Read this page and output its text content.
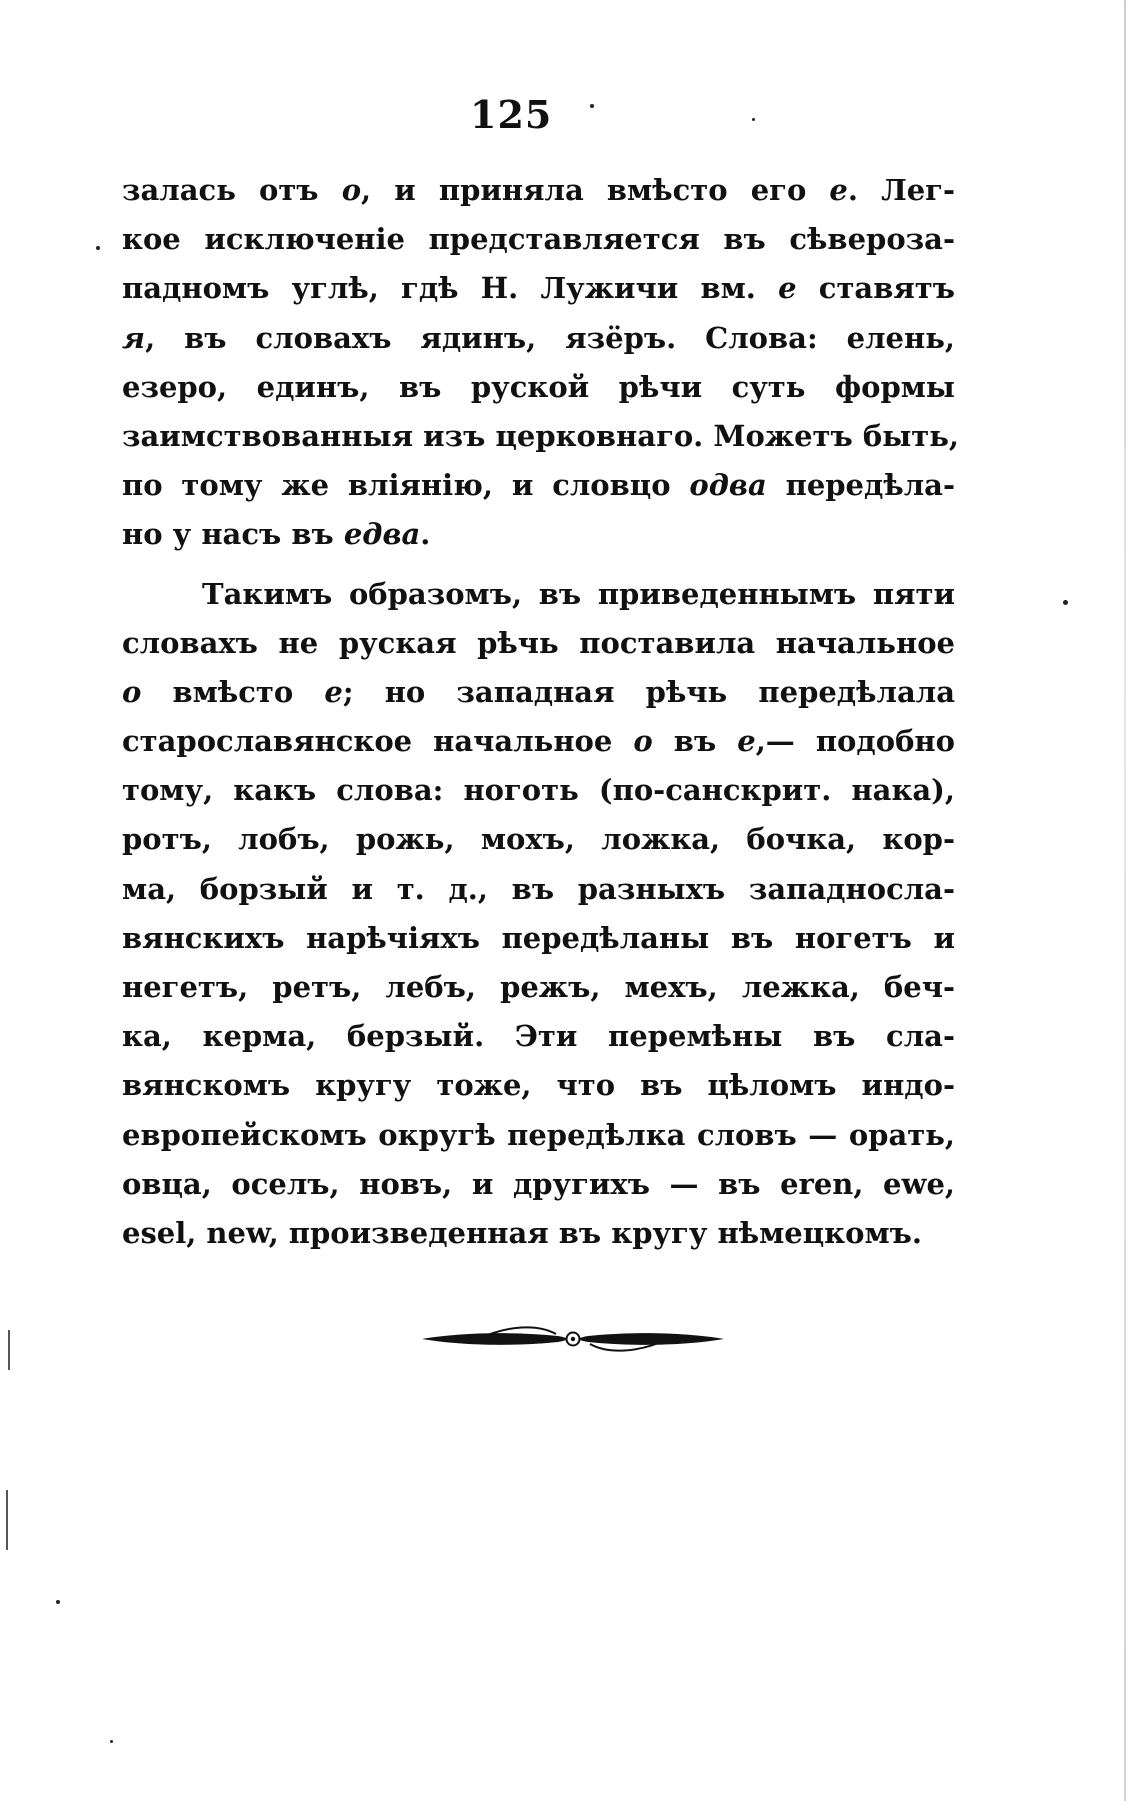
125
залась отъ о, и приняла вмѣсто его е. Лег-
кое исключенiе представляется въ сѣвероза-
падномъ углѣ, гдѣ Н. Лужичи вм. е ставятъ
я, въ словахъ ядинъ, язёръ. Слова: елень,
езеро, единъ, въ руской рѣчи суть формы
заимствованныя изъ церковнаго. Можетъ быть,
по тому же влiянiю, и словцо одва передѣла-
но у насъ въ едва.
Такимъ образомъ, въ приведеннымъ пяти
словахъ не руская рѣчь поставила начальное
о вмѣсто е; но западная рѣчь передѣлала
старославянское начальное о въ е,— подобно
тому, какъ слова: ноготь (по-санскрит. нака),
ротъ, лобъ, рожь, мохъ, ложка, бочка, кор-
ма, борзый и т. д., въ разныхъ западносла-
вянскихъ нарѣчiяхъ передѣланы въ ногетъ и
негетъ, ретъ, лебъ, режъ, мехъ, лежка, беч-
ка, керма, берзый. Эти перемѣны въ сла-
вянскомъ кругу тоже, что въ цѣломъ индо-
европейскомъ округѣ передѣлка словъ — орать,
овца, оселъ, новъ, и другихъ — въ eren, ewe,
esel, new, произведенная въ кругу нѣмецкомъ.
